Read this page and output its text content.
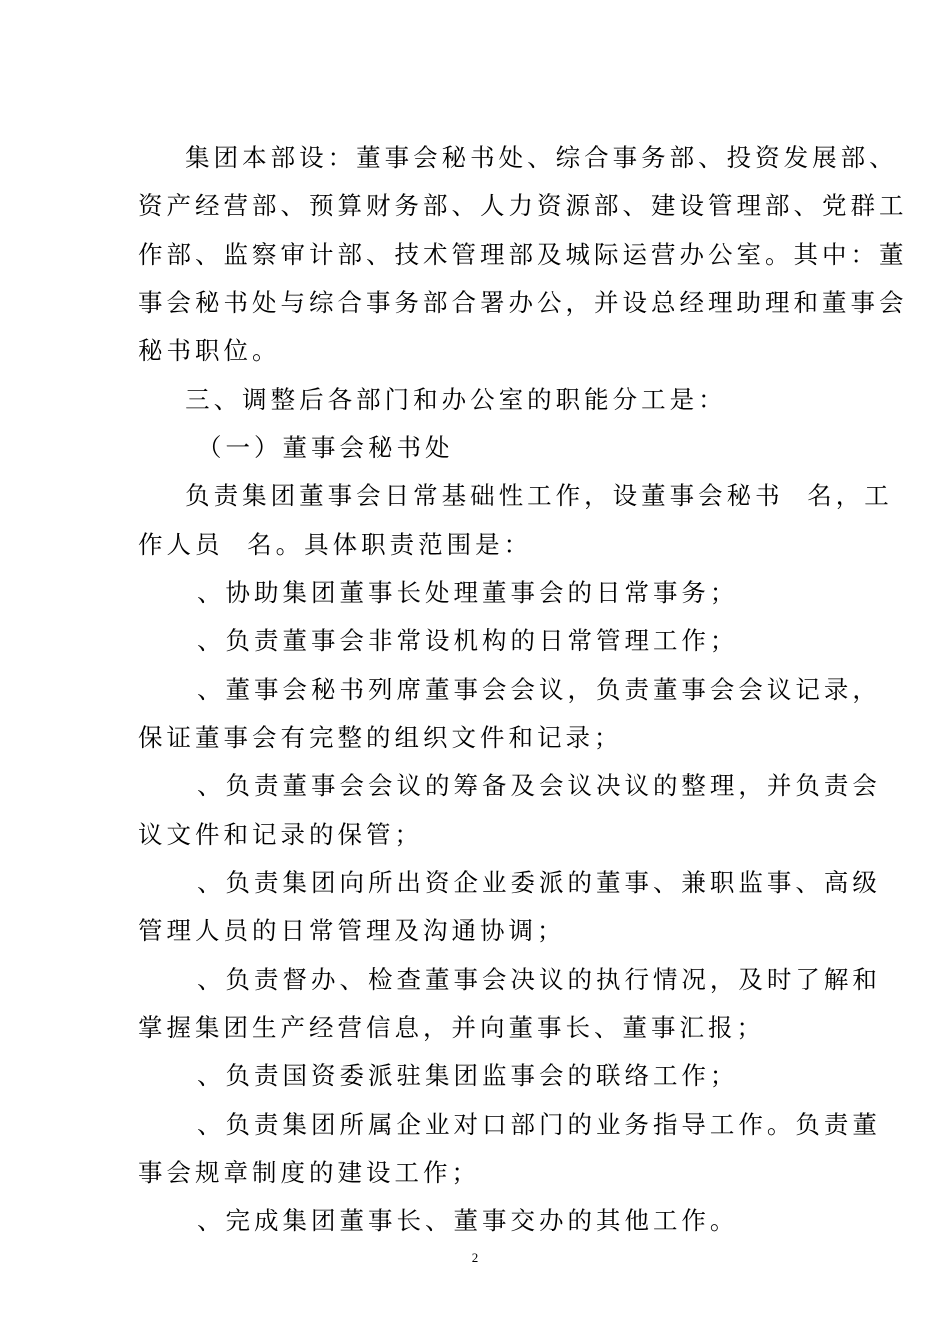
集团本部设：董事会秘书处、综合事务部、投资发展部、
资产经营部、预算财务部、人力资源部、建设管理部、党群工
作部、监察审计部、技术管理部及城际运营办公室。其中：董
事会秘书处与综合事务部合署办公，并设总经理助理和董事会
秘书职位。
三、调整后各部门和办公室的职能分工是：
（一）董事会秘书处
负责集团董事会日常基础性工作，设董事会秘书  名，工
作人员  名。具体职责范围是：
、协助集团董事长处理董事会的日常事务；
、负责董事会非常设机构的日常管理工作；
、董事会秘书列席董事会会议，负责董事会会议记录，
保证董事会有完整的组织文件和记录；
、负责董事会会议的筹备及会议决议的整理，并负责会
议文件和记录的保管；
、负责集团向所出资企业委派的董事、兼职监事、高级
管理人员的日常管理及沟通协调；
、负责督办、检查董事会决议的执行情况，及时了解和
掌握集团生产经营信息，并向董事长、董事汇报；
、负责国资委派驻集团监事会的联络工作；
、负责集团所属企业对口部门的业务指导工作。负责董
事会规章制度的建设工作；
、完成集团董事长、董事交办的其他工作。
2
